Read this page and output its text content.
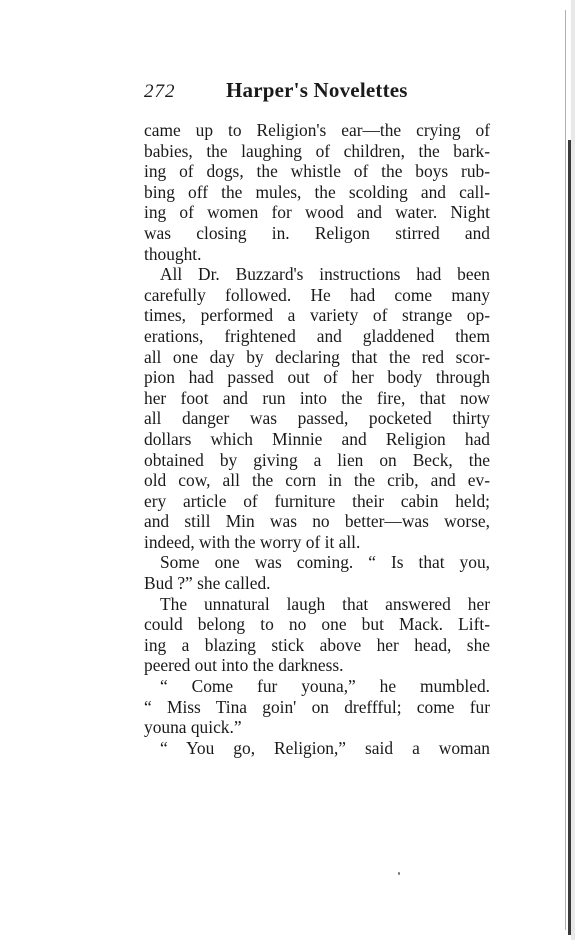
272 Harper's Novelettes
came up to Religion's ear—the crying of
babies, the laughing of children, the bark-
ing of dogs, the whistle of the boys rub-
bing off the mules, the scolding and call-
ing of women for wood and water. Night
was closing in. Religon stirred and
thought.
All Dr. Buzzard's instructions had been
carefully followed. He had come many
times, performed a variety of strange op-
erations, frightened and gladdened them
all one day by declaring that the red scor-
pion had passed out of her body through
her foot and run into the fire, that now
all danger was passed, pocketed thirty
dollars which Minnie and Religion had
obtained by giving a lien on Beck, the
old cow, all the corn in the crib, and ev-
ery article of furniture their cabin held;
and still Min was no better—was worse,
indeed, with the worry of it all.
Some one was coming. “ Is that you,
Bud ?” she called.
The unnatural laugh that answered her
could belong to no one but Mack. Lift-
ing a blazing stick above her head, she
peered out into the darkness.
“ Come fur youna,” he mumbled.
“ Miss Tina goin' on dreffful; come fur
youna quick.”
“ You go, Religion,” said a woman
